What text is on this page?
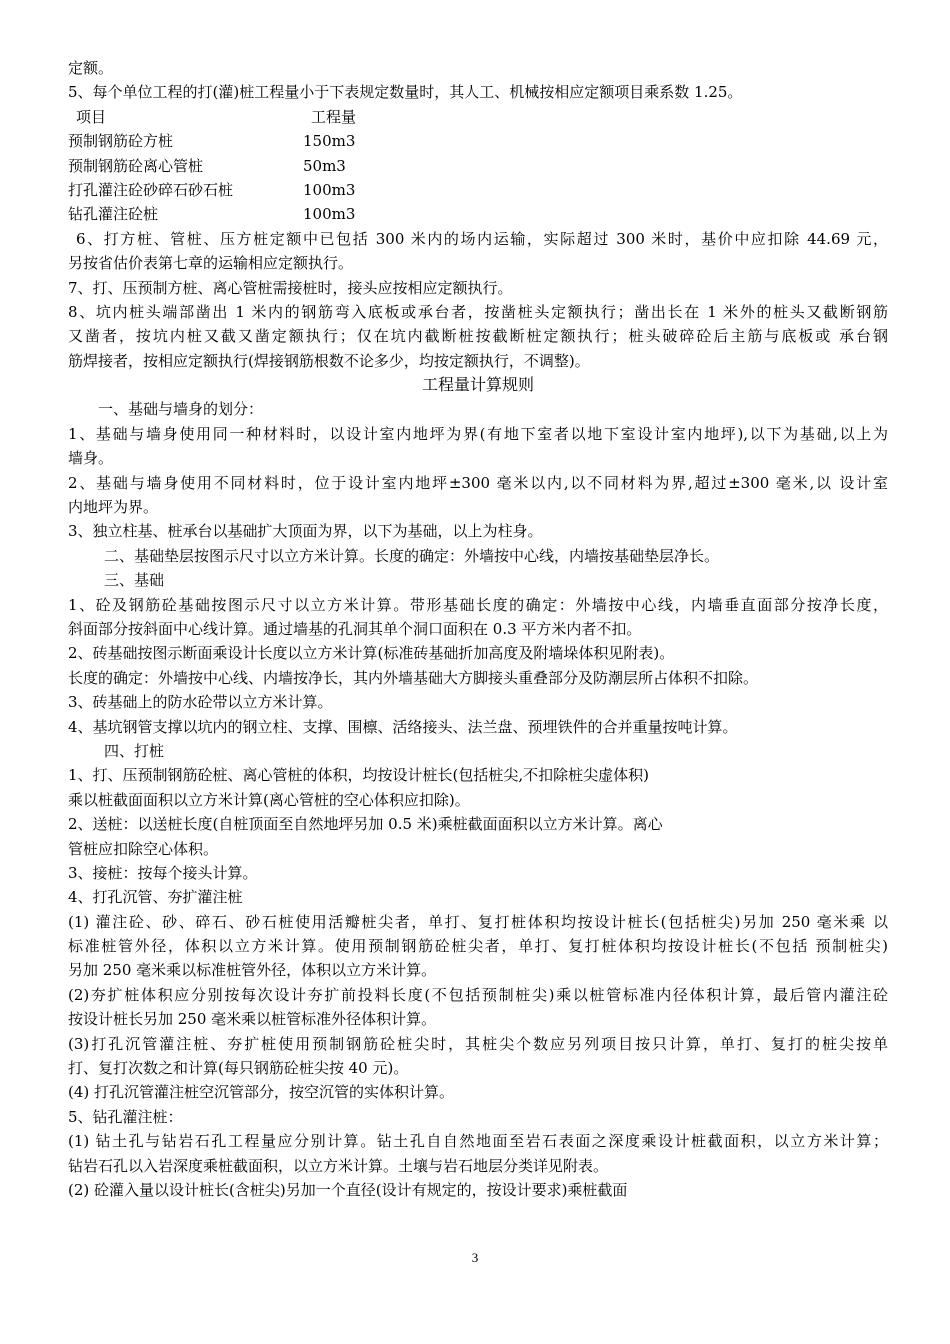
定额。
5、每个单位工程的打(灌)桩工程量小于下表规定数量时，其人工、机械按相应定额项目乘系数 1.25。
项目	工程量
预制钢筋砼方桩	150m3
预制钢筋砼离心管桩	50m3
打孔灌注砼砂碎石砂石桩	100m3
钻孔灌注砼桩	100m3
6、打方桩、管桩、压方桩定额中已包括 300 米内的场内运输，实际超过 300 米时，基价中应扣除 44.69 元，
另按省估价表第七章的运输相应定额执行。
7、打、压预制方桩、离心管桩需接桩时，接头应按相应定额执行。
8、坑内桩头端部凿出 1 米内的钢筋弯入底板或承台者，按凿桩头定额执行；凿出长在 1 米外的桩头又截断钢筋
又凿者，按坑内桩又截又凿定额执行；仅在坑内截断桩按截断桩定额执行；桩头破碎砼后主筋与底板或 承台钢
筋焊接者，按相应定额执行(焊接钢筋根数不论多少，均按定额执行，不调整)。
工程量计算规则
一、基础与墙身的划分：
1、基础与墙身使用同一种材料时，以设计室内地坪为界(有地下室者以地下室设计室内地坪),以下为基础,以上为
墙身。
2、基础与墙身使用不同材料时，位于设计室内地坪±300 毫米以内,以不同材料为界,超过±300 毫米,以 设计室
内地坪为界。
3、独立柱基、桩承台以基础扩大顶面为界，以下为基础，以上为柱身。
二、基础垫层按图示尺寸以立方米计算。长度的确定：外墙按中心线，内墙按基础垫层净长。
三、基础
1、砼及钢筋砼基础按图示尺寸以立方米计算。带形基础长度的确定：外墙按中心线，内墙垂直面部分按净长度，
斜面部分按斜面中心线计算。通过墙基的孔洞其单个洞口面积在 0.3 平方米内者不扣。
2、砖基础按图示断面乘设计长度以立方米计算(标准砖基础折加高度及附墙垛体积见附表)。
长度的确定：外墙按中心线、内墙按净长，其内外墙基础大方脚接头重叠部分及防潮层所占体积不扣除。
3、砖基础上的防水砼带以立方米计算。
4、基坑钢管支撑以坑内的钢立柱、支撑、围檩、活络接头、法兰盘、预埋铁件的合并重量按吨计算。
四、打桩
1、打、压预制钢筋砼桩、离心管桩的体积，均按设计桩长(包括桩尖,不扣除桩尖虚体积)
乘以桩截面面积以立方米计算(离心管桩的空心体积应扣除)。
2、送桩：以送桩长度(自桩顶面至自然地坪另加 0.5 米)乘桩截面面积以立方米计算。离心
管桩应扣除空心体积。
3、接桩：按每个接头计算。
4、打孔沉管、夯扩灌注桩
(1) 灌注砼、砂、碎石、砂石桩使用活瓣桩尖者，单打、复打桩体积均按设计桩长(包括桩尖)另加 250 毫米乘 以
标准桩管外径，体积以立方米计算。使用预制钢筋砼桩尖者，单打、复打桩体积均按设计桩长(不包括 预制桩尖)
另加 250 毫米乘以标准桩管外径，体积以立方米计算。
(2)夯扩桩体积应分别按每次设计夯扩前投料长度(不包括预制桩尖)乘以桩管标准内径体积计算，最后管内灌注砼
按设计桩长另加 250 毫米乘以桩管标准外径体积计算。
(3)打孔沉管灌注桩、夯扩桩使用预制钢筋砼桩尖时，其桩尖个数应另列项目按只计算，单打、复打的桩尖按单
打、复打次数之和计算(每只钢筋砼桩尖按 40 元)。
(4) 打孔沉管灌注桩空沉管部分，按空沉管的实体积计算。
5、钻孔灌注桩：
(1) 钻土孔与钻岩石孔工程量应分别计算。钻土孔自自然地面至岩石表面之深度乘设计桩截面积，以立方米计算；
钻岩石孔以入岩深度乘桩截面积，以立方米计算。土壤与岩石地层分类详见附表。
(2) 砼灌入量以设计桩长(含桩尖)另加一个直径(设计有规定的，按设计要求)乘桩截面
3
